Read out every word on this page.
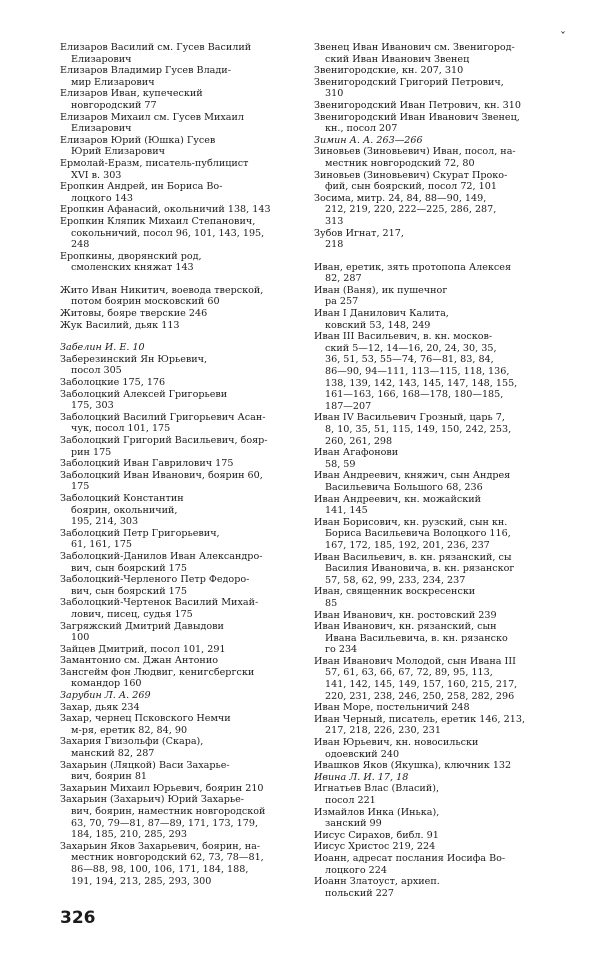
Елизаров Василий см. Гусев Василий
Елизарович

Елизаров Владимир Гусев Влади-
мир Елизарович

Елизаров Иван, купеческий
новгородский 77

Елизаров Михаил см. Гусев Михаил
Елизарович

Елизаров Юрий (Юшка) Гусев
Юрий Елизарович

Ермолай-Еразм, писатель-публицист
XVI в. 303

Еропкин Андрей, ин Бориса Во-
лоцкого 143

Еропкин Афанасий, окольничий 138, 143

Еропкин Кляпик Михаил Степанович,
сокольничий, посол 96, 101, 143, 195,
248

Еропкины, дворянский род,
смоленских княжат 143

Жито Иван Никитич, воевода тверской,
потом боярин московский 60

Житовы, бояре тверские 246

Жук Василий, дьяк 113

Забелин И. Е. 10

Заберезинский Ян Юрьевич,
посол 305

Заболоцкие 175, 176

Заболоцкий Алексей Григорьеви
175, 303

Заболоцкий Василий Григорьевич Асан-
чук, посол 101, 175

Заболоцкий Григорий Васильевич, бояр-
рин 175

Заболоцкий Иван Гаврилович 175

Заболоцкий Иван Иванович, боярин 60,
175

Заболоцкий Константин
боярин, окольничий,
195, 214, 303

Заболоцкий Петр Григорьевич,
61, 161, 175

Заболоцкий-Данилов Иван Александро-
вич, сын боярский 175

Заболоцкий-Черленого Петр Федоро-
вич, сын боярский 175

Заболоцкий-Чертенок Василий Михай-
лович, писец, судья 175

Загряжский Дмитрий Давыдови
100

Зайцев Дмитрий, посол 101, 291

Замантонио см. Джан Антонио

Зансгейм фон Людвиг, кенигсбергски
командор 160

Зарубин Л. А. 269

Захар, дьяк 234

Захар, чернец Псковского Немчи
м-ря, еретик 82, 84, 90

Захария Гвизольфи (Скара),
манский 82, 287

Захарьин (Ляцкой) Васи Захарье-
вич, боярин 81

Захарьин Михаил Юрьевич, боярин 210

Захарьин (Захарьич) Юрий Захарье-
вич, боярин, наместник новгородской
63, 70, 79—81, 87—89, 171, 173, 179,
184, 185, 210, 285, 293

Захарьин Яков Захарьевич, боярин, на-
местник новгородский 62, 73, 78—81,
86—88, 98, 100, 106, 171, 184, 188,
191, 194, 213, 285, 293, 300

Звенец Иван Иванович см. Звенигород-
ский Иван Иванович Звенец

Звенигородские, кн. 207, 310

Звенигородский Григорий Петрович,
310

Звенигородский Иван Петрович, кн. 310

Звенигородский Иван Иванович Звенец,
кн., посол 207

Зимин А. А. 263—266

Зиновьев (Зиновьевич) Иван, посол, на-
местник новгородский 72, 80

Зиновьев (Зиновьевич) Скурат Проко-
фий, сын боярский, посол 72, 101

Зосима, митр. 24, 84, 88—90, 149,
212, 219, 220, 222—225, 286, 287,
313

Зубов Игнат, 217,
218

Иван, еретик, зять протопопа Алексея
82, 287

Иван (Ваня), ик пушечног
ра 257

Иван I Данилович Калита,
ковский 53, 148, 249

Иван III Васильевич, в. кн. москов-
ский 5—12, 14—16, 20, 24, 30, 35,
36, 51, 53, 55—74, 76—81, 83, 84,
86—90, 94—111, 113—115, 118, 136,
138, 139, 142, 143, 145, 147, 148, 155,
161—163, 166, 168—178, 180—185,
187—207

Иван IV Васильевич Грозный, царь 7,
8, 10, 35, 51, 115, 149, 150, 242, 253,
260, 261, 298

Иван Агафонови
58, 59

Иван Андреевич, княжич, сын Андрея
Васильевича Большого 68, 236

Иван Андреевич, кн. можайский
141, 145

Иван Борисович, кн. рузский, сын кн.
Бориса Васильевича Волоцкого 116,
167, 172, 185, 192, 201, 236, 237

Иван Васильевич, в. кн. рязанский, сы
Василия Ивановича, в. кн. рязанског
57, 58, 62, 99, 233, 234, 237

Иван, священник воскресенски
85

Иван Иванович, кн. ростовский 239

Иван Иванович, кн. рязанский, сын
Ивана Васильевича, в. кн. рязанско
го 234

Иван Иванович Молодой, сын Ивана III
57, 61, 63, 66, 67, 72, 89, 95, 113,
141, 142, 145, 149, 157, 160, 215, 217,
220, 231, 238, 246, 250, 258, 282, 296

Иван Море, постельничий 248

Иван Черный, писатель, еретик 146, 213,
217, 218, 226, 230, 231

Иван Юрьевич, кн. новосильски
одоевский 240

Ивашков Яков (Якушка), ключник 132

Ивина Л. И. 17, 18

Игнатьев Влас (Власий),
посол 221

Измайлов Инка (Инька),
занский 99

Иисус Сирахов, библ. 91

Иисус Христос 219, 224

Иоанн, адресат послания Иосифа Во-
лоцкого 224

Иоанн Златоуст, архиеп.
польский 227

ˇ
326
